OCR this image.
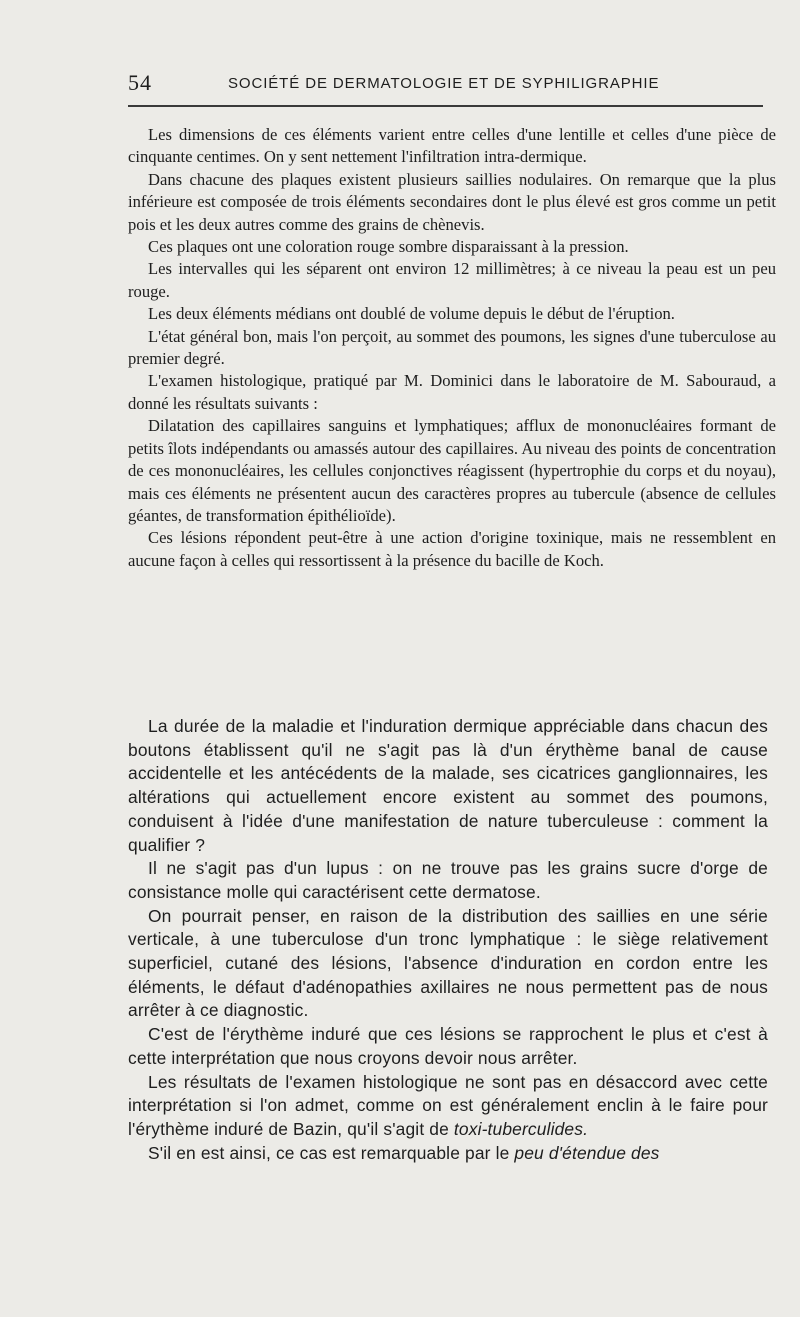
54	SOCIÉTÉ DE DERMATOLOGIE ET DE SYPHILIGRAPHIE

Les dimensions de ces éléments varient entre celles d'une lentille et celles d'une pièce de cinquante centimes. On y sent nettement l'infiltration intra-dermique.

Dans chacune des plaques existent plusieurs saillies nodulaires. On remarque que la plus inférieure est composée de trois éléments secondaires dont le plus élevé est gros comme un petit pois et les deux autres comme des grains de chènevis.

Ces plaques ont une coloration rouge sombre disparaissant à la pression.

Les intervalles qui les séparent ont environ 12 millimètres; à ce niveau la peau est un peu rouge.

Les deux éléments médians ont doublé de volume depuis le début de l'éruption.

L'état général bon, mais l'on perçoit, au sommet des poumons, les signes d'une tuberculose au premier degré.

L'examen histologique, pratiqué par M. Dominici dans le laboratoire de M. Sabouraud, a donné les résultats suivants :

Dilatation des capillaires sanguins et lymphatiques; afflux de mononucléaires formant de petits îlots indépendants ou amassés autour des capillaires. Au niveau des points de concentration de ces mononucléaires, les cellules conjonctives réagissent (hypertrophie du corps et du noyau), mais ces éléments ne présentent aucun des caractères propres au tubercule (absence de cellules géantes, de transformation épithélioïde).

Ces lésions répondent peut-être à une action d'origine toxinique, mais ne ressemblent en aucune façon à celles qui ressortissent à la présence du bacille de Koch.

La durée de la maladie et l'induration dermique appréciable dans chacun des boutons établissent qu'il ne s'agit pas là d'un érythème banal de cause accidentelle et les antécédents de la malade, ses cicatrices ganglionnaires, les altérations qui actuellement encore existent au sommet des poumons, conduisent à l'idée d'une manifestation de nature tuberculeuse : comment la qualifier ?

Il ne s'agit pas d'un lupus : on ne trouve pas les grains sucre d'orge de consistance molle qui caractérisent cette dermatose.

On pourrait penser, en raison de la distribution des saillies en une série verticale, à une tuberculose d'un tronc lymphatique : le siège relativement superficiel, cutané des lésions, l'absence d'induration en cordon entre les éléments, le défaut d'adénopathies axillaires ne nous permettent pas de nous arrêter à ce diagnostic.

C'est de l'érythème induré que ces lésions se rapprochent le plus et c'est à cette interprétation que nous croyons devoir nous arrêter.

Les résultats de l'examen histologique ne sont pas en désaccord avec cette interprétation si l'on admet, comme on est généralement enclin à le faire pour l'érythème induré de Bazin, qu'il s'agit de toxi-tuberculides.

S'il en est ainsi, ce cas est remarquable par le peu d'étendue des
